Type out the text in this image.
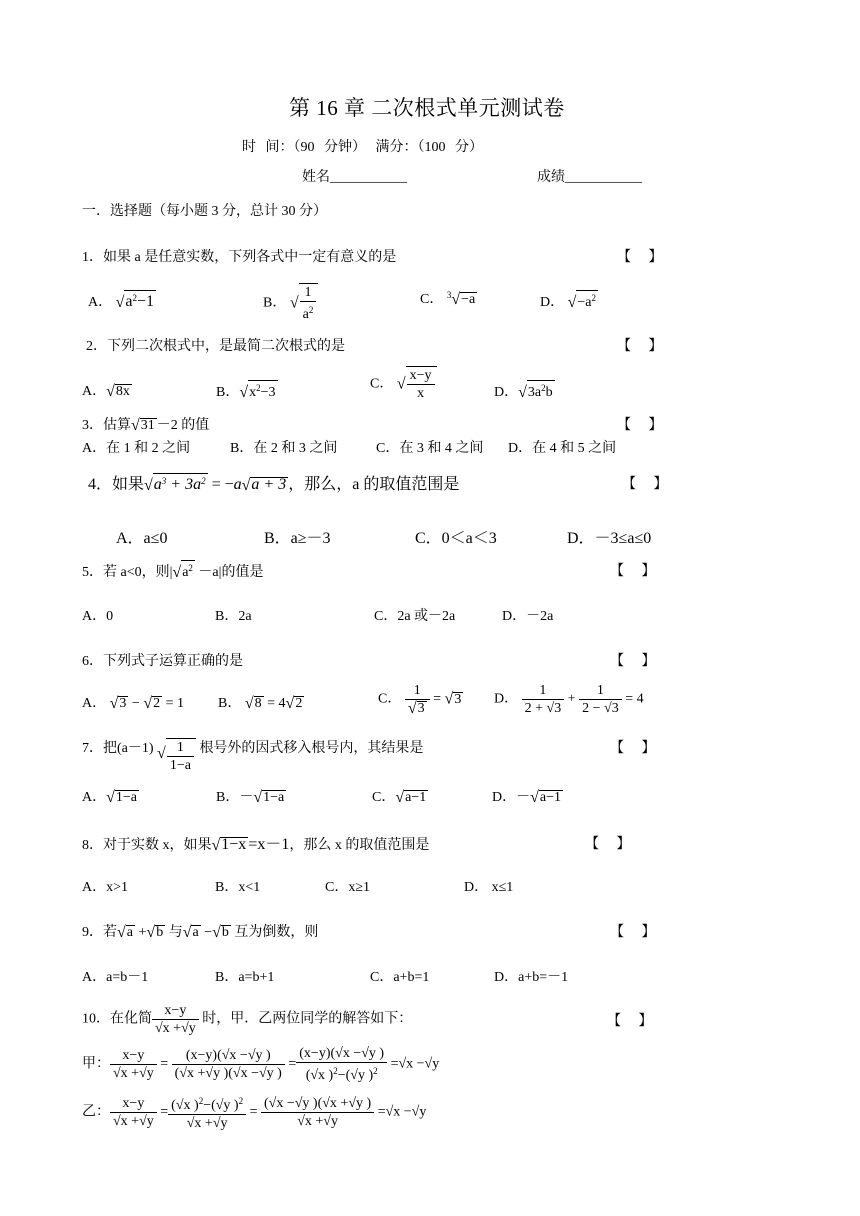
第 16 章 二次根式单元测试卷
时 间：（90 分钟） 满分：（100 分）
姓名___________	成绩___________
一．选择题（每小题 3 分，总计 30 分）
1．如果 a 是任意实数，下列各式中一定有意义的是	【 】
A． $√a^2-1$	B． √ $\frac{1}{a^2}$	C． $^3$√−a	D． $√-a^2$
2．下列二次根式中，是最简二次根式的是	【 】
A．√8x	B．$√x^2-3$
C． √ $\frac{x-y}{x}$	D．$√3a^2b$
3．估算√31 －2 的值	【 】
A．在 1 和 2 之间	B．在 2 和 3 之间	C．在 3 和 4 之间 D．在 4 和 5 之间
4．如果$√a^3 + 3a^2 = -a√a + 3$ ，那么，a 的取值范围是	【 】
A．a≤0	B．a≥－3	C．0＜a＜3	D．－3≤a≤0
5．若 a<0，则$|√a^2 -a|$的值是	【 】
A．0	B．2a	C．2a 或－2a	D．－2a
6．下列式子运算正确的是	【 】
A． √3 − √2 = 1 B． √8 = 4√2	C． $\frac{1}{√3} = √3$ D． $\frac{1}{2 + √3} + \frac{1}{2 - √3} = 4$
7．把(a－1) √ $\frac{1}{1-a}$ 根号外的因式移入根号内，其结果是	【 】
A．√1−a	B．－√1−a	C．√a−1	D．－√a−1
8．对于实数 x，如果√1−x =x－1，那么 x 的取值范围是	【 】
A．x>1	B．x<1	C．x≥1	D． x≤1
9．若√a +√b 与√a −√b 互为倒数，则	【 】
A．a=b－1	B．a=b+1	C．a+b=1	D．a+b=－1
10．在化简 $\frac{x-y}{√x +√y}$ 时，甲．乙两位同学的解答如下：	【 】
甲： $\frac{x-y}{√x +√y} = \frac{(x-y)(√x -√y )}{(√x +√y )(√x -√y )} = \frac{(x-y)(√x -√y )}{(√x )^2-(√y )^2} =√x -√y$
乙： $\frac{x-y}{√x +√y} = \frac{(√x )^2-(√y )^2}{√x +√y} = \frac{(√x -√y )(√x +√y )}{√x +√y} =√x -√y$
